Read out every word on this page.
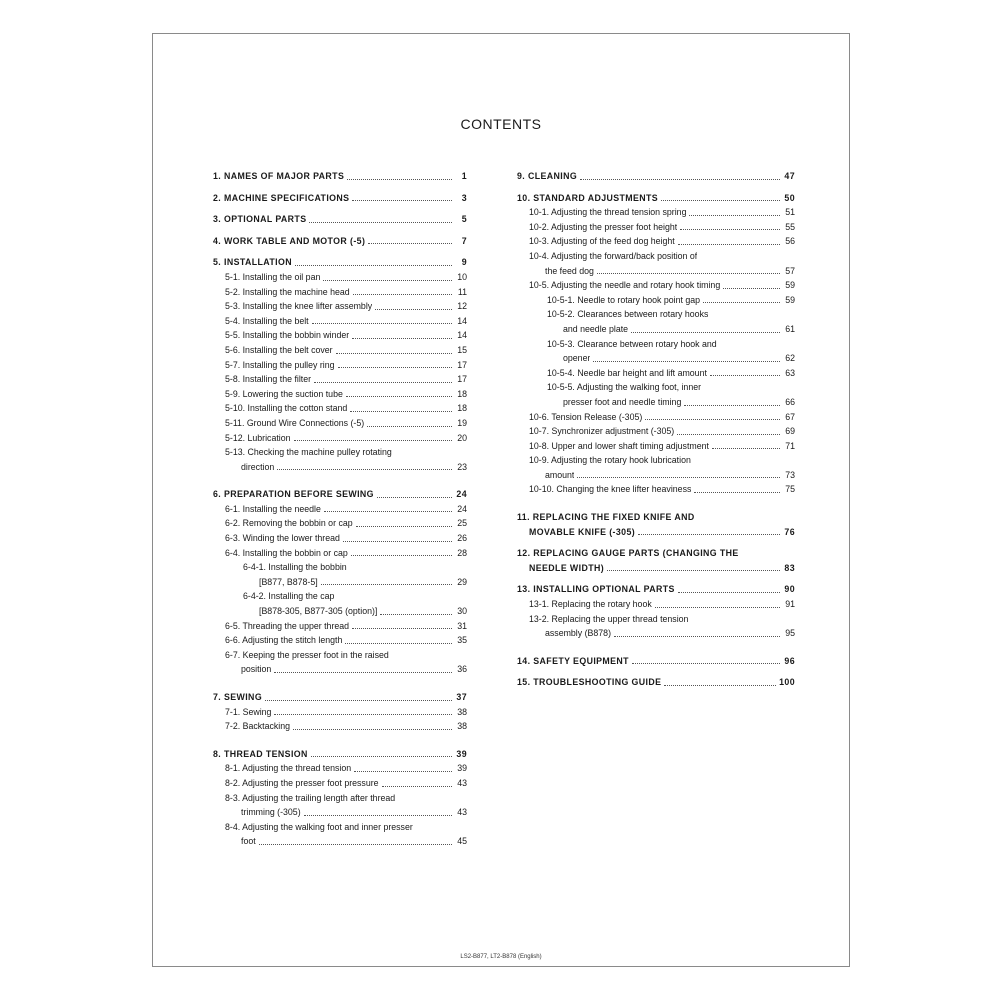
CONTENTS
1. NAMES OF MAJOR PARTS	1
2. MACHINE SPECIFICATIONS	3
3. OPTIONAL PARTS	5
4. WORK TABLE AND MOTOR (-5)	7
5. INSTALLATION	9
5-1. Installing the oil pan	10
5-2. Installing the machine head	11
5-3. Installing the knee lifter assembly	12
5-4. Installing the belt	14
5-5. Installing the bobbin winder	14
5-6. Installing the belt cover	15
5-7. Installing the pulley ring	17
5-8. Installing the filter	17
5-9. Lowering the suction tube	18
5-10. Installing the cotton stand	18
5-11. Ground Wire Connections (-5)	19
5-12. Lubrication	20
5-13. Checking the machine pulley rotating
direction	23
6. PREPARATION BEFORE SEWING	24
6-1. Installing the needle	24
6-2. Removing the bobbin or cap	25
6-3. Winding the lower thread	26
6-4. Installing the bobbin or cap	28
6-4-1. Installing the bobbin
[B877, B878-5]	29
6-4-2. Installing the cap
[B878-305, B877-305 (option)]	30
6-5. Threading the upper thread	31
6-6. Adjusting the stitch length	35
6-7. Keeping the presser foot in the raised
position	36
7. SEWING	37
7-1. Sewing	38
7-2. Backtacking	38
8. THREAD TENSION	39
8-1. Adjusting the thread tension	39
8-2. Adjusting the presser foot pressure	43
8-3. Adjusting the trailing length after thread
trimming (-305)	43
8-4. Adjusting the walking foot and inner presser
foot	45
9. CLEANING	47
10. STANDARD ADJUSTMENTS	50
10-1. Adjusting the thread tension spring	51
10-2. Adjusting the presser foot height	55
10-3. Adjusting of the feed dog height	56
10-4. Adjusting the forward/back position of
the feed dog	57
10-5. Adjusting the needle and rotary hook timing	59
10-5-1. Needle to rotary hook point gap	59
10-5-2. Clearances between rotary hooks
and needle plate	61
10-5-3. Clearance between rotary hook and
opener	62
10-5-4. Needle bar height and lift amount	63
10-5-5. Adjusting the walking foot, inner
presser foot and needle timing	66
10-6. Tension Release (-305)	67
10-7. Synchronizer adjustment (-305)	69
10-8. Upper and lower shaft timing adjustment	71
10-9. Adjusting the rotary hook lubrication
amount	73
10-10. Changing the knee lifter heaviness	75
11. REPLACING THE FIXED KNIFE AND
MOVABLE KNIFE (-305)	76
12. REPLACING GAUGE PARTS (CHANGING THE
NEEDLE WIDTH)	83
13. INSTALLING OPTIONAL PARTS	90
13-1. Replacing the rotary hook	91
13-2. Replacing the upper thread tension
assembly (B878)	95
14. SAFETY EQUIPMENT	96
15. TROUBLESHOOTING GUIDE	100
LS2-B877, LT2-B878 (English)
